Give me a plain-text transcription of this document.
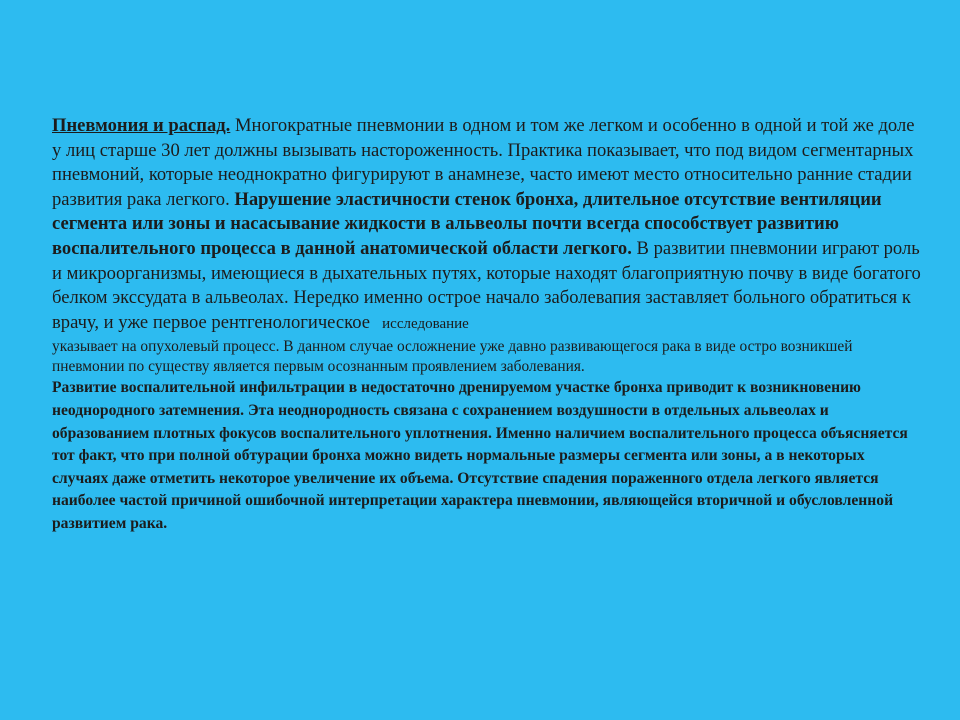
Пневмония и распад. Многократные пневмонии в одном и том же легком и особенно в одной и той же доле у лиц старше 30 лет должны вызывать настороженность. Практика показывает, что под видом сегментарных пневмоний, которые неоднократно фигурируют в анамнезе, часто имеют место относительно ранние стадии развития рака легкого. Нарушение эластичности стенок бронха, длительное отсутствие вентиляции сегмента или зоны и насасывание жидкости в альвеолы почти всегда способствует развитию воспалительного процесса в данной анатомической области легкого. В развитии пневмонии играют роль и микроорганизмы, имеющиеся в дыхательных путях, которые находят благоприятную почву в виде богатого белком экссудата в альвеолах. Нередко именно острое начало заболевапия заставляет больного обратиться к врачу, и уже первое рентгенологическое   исследование

указывает на опухолевый процесс. В данном случае осложнение уже давно развивающегося рака в виде остро возникшей пневмонии по существу является первым осознанным проявлением заболевания.

Развитие воспалительной инфильтрации в недостаточно дренируемом участке бронха приводит к возникновению неоднородного затемнения. Эта неоднородность связана с сохранением воздушности в отдельных альвеолах и образованием плотных фокусов воспалительного уплотнения. Именно наличием воспалительного процесса объясняется тот факт, что при полной обтурации бронха можно видеть нормальные размеры сегмента или зоны, а в некоторых случаях даже отметить некоторое увеличение их объема. Отсутствие спадения пораженного отдела легкого является наиболее частой причиной ошибочной интерпретации характера пневмонии, являющейся вторичной и обусловленной развитием рака.
